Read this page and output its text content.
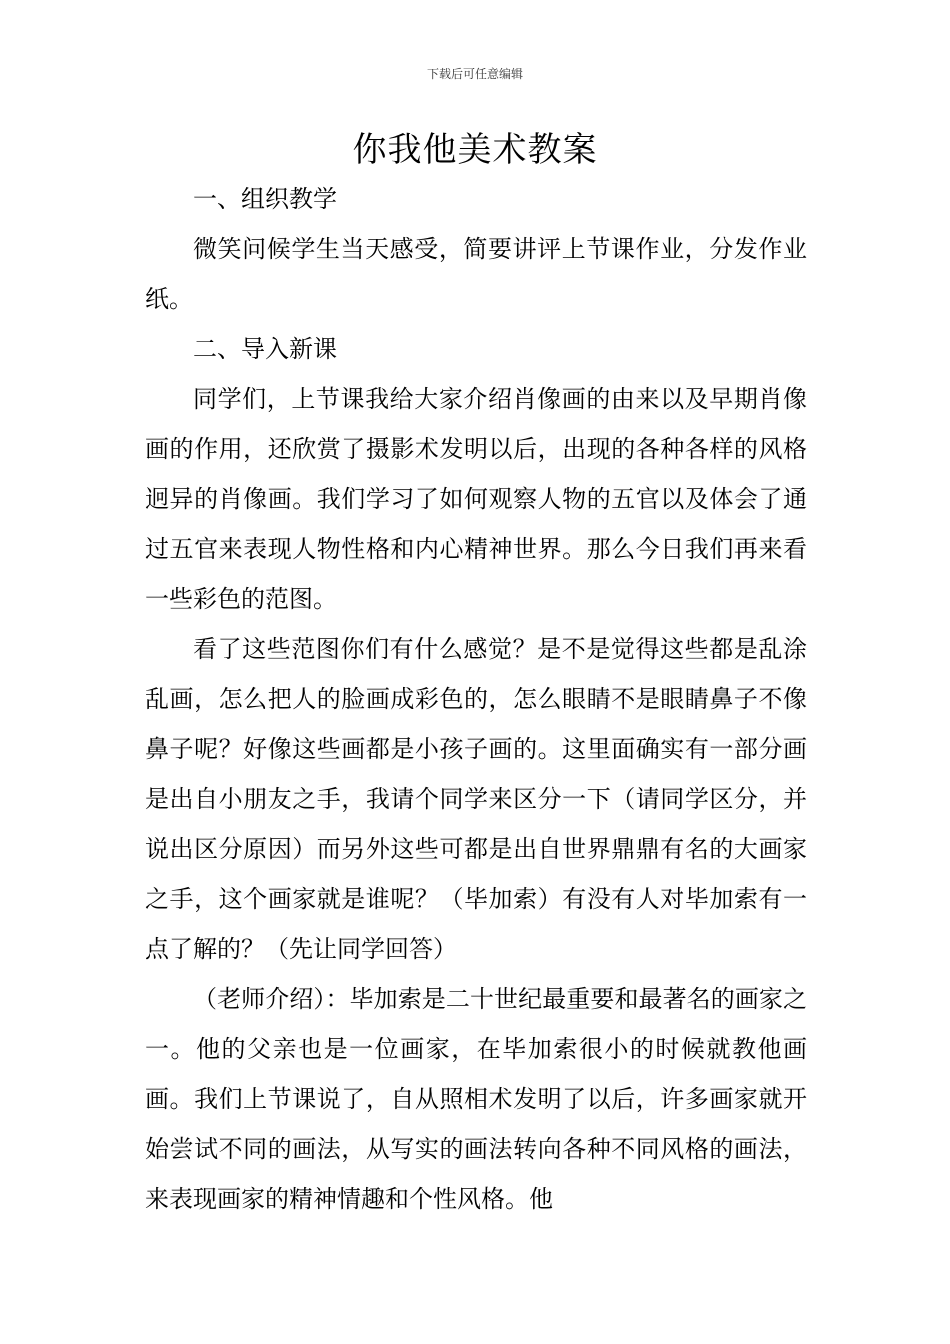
下载后可任意编辑
你我他美术教案

一、组织教学

微笑问候学生当天感受，简要讲评上节课作业，分发作业纸。

二、导入新课

同学们，上节课我给大家介绍肖像画的由来以及早期肖像画的作用，还欣赏了摄影术发明以后，出现的各种各样的风格迥异的肖像画。我们学习了如何观察人物的五官以及体会了通过五官来表现人物性格和内心精神世界。那么今日我们再来看一些彩色的范图。

看了这些范图你们有什么感觉？是不是觉得这些都是乱涂乱画，怎么把人的脸画成彩色的，怎么眼睛不是眼睛鼻子不像鼻子呢？好像这些画都是小孩子画的。这里面确实有一部分画是出自小朋友之手，我请个同学来区分一下（请同学区分，并说出区分原因）而另外这些可都是出自世界鼎鼎有名的大画家之手，这个画家就是谁呢？（毕加索）有没有人对毕加索有一点了解的？（先让同学回答）

（老师介绍）：毕加索是二十世纪最重要和最著名的画家之一。他的父亲也是一位画家，在毕加索很小的时候就教他画画。我们上节课说了，自从照相术发明了以后，许多画家就开始尝试不同的画法，从写实的画法转向各种不同风格的画法，来表现画家的精神情趣和个性风格。他
